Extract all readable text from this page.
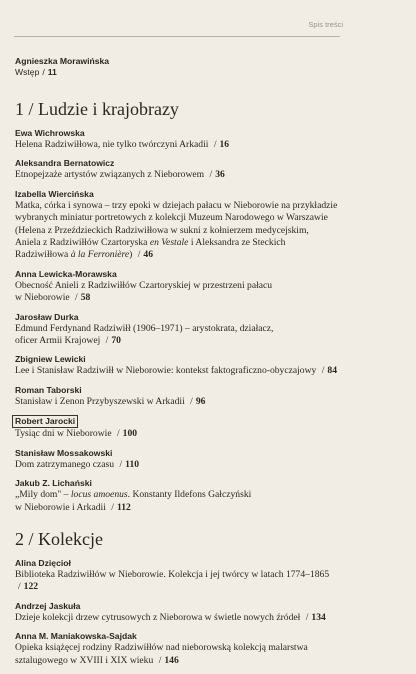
Spis treści
Agnieszka Morawińska
Wstęp / 11
1 / Ludzie i krajobrazy
Ewa Wichrowska
Helena Radziwiłłowa, nie tylko twórczyni Arkadii / 16
Aleksandra Bernatowicz
Etnopejzaże artystów związanych z Nieborowem / 36
Izabella Wiercińska
Matka, córka i synowa – trzy epoki w dziejach pałacu w Nieborowie na przykładzie
wybranych miniatur portretowych z kolekcji Muzeum Narodowego w Warszawie
(Helena z Przeździeckich Radziwiłłowa w sukni z kołnierzem medycejskim,
Aniela z Radziwiłłów Czartoryska en Vestale i Aleksandra ze Steckich
Radziwiłłowa à la Ferronière) / 46
Anna Lewicka-Morawska
Obecność Anieli z Radziwiłłów Czartoryskiej w przestrzeni pałacu
w Nieborowie / 58
Jarosław Durka
Edmund Ferdynand Radziwiłł (1906–1971) – arystokrata, działacz,
oficer Armii Krajowej / 70
Zbigniew Lewicki
Lee i Stanisław Radziwiłł w Nieborowie: kontekst faktograficzno-obyczajowy / 84
Roman Taborski
Stanisław i Zenon Przybyszewski w Arkadii / 96
Robert Jarocki
Tysiąc dni w Nieborowie / 100
Stanisław Mossakowski
Dom zatrzymanego czasu / 110
Jakub Z. Lichański
„Mily dom" – locus amoenus. Konstanty Ildefons Gałczyński
w Nieborowie i Arkadii / 112
2 / Kolekcje
Alina Dzięcioł
Biblioteka Radziwiłłów w Nieborowie. Kolekcja i jej twórcy w latach 1774–1865 / 122
Andrzej Jaskuła
Dzieje kolekcji drzew cytrusowych z Nieborowa w świetle nowych źródeł / 134
Anna M. Maniakowska-Sajdak
Opieka książęcej rodziny Radziwiłłów nad nieborowską kolekcją malarstwa
sztalugowego w XVIII i XIX wieku / 146
